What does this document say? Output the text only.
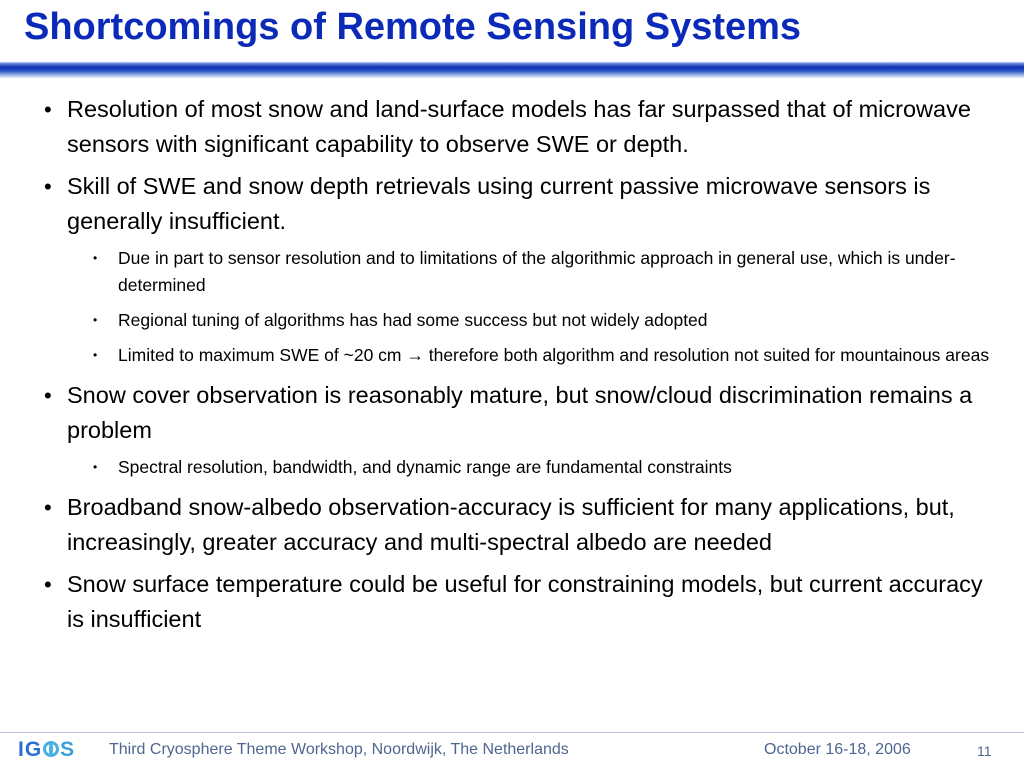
Shortcomings of Remote Sensing Systems
• Resolution of most snow and land-surface models has far surpassed that of microwave sensors with significant capability to observe SWE or depth.
• Skill of SWE and snow depth retrievals using current passive microwave sensors is generally insufficient.
• Due in part to sensor resolution and to limitations of the algorithmic approach in general use, which is under-determined
• Regional tuning of algorithms has had some success but not widely adopted
• Limited to maximum SWE of ~20 cm → therefore both algorithm and resolution not suited for mountainous areas
• Snow cover observation is reasonably mature, but snow/cloud discrimination remains a problem
• Spectral resolution, bandwidth, and dynamic range are fundamental constraints
• Broadband snow-albedo observation-accuracy is sufficient for many applications, but, increasingly, greater accuracy and multi-spectral albedo are needed
• Snow surface temperature could be useful for constraining models, but current accuracy is insufficient
IG S Third Cryosphere Theme Workshop, Noordwijk, The Netherlands	October 16-18, 2006	11
